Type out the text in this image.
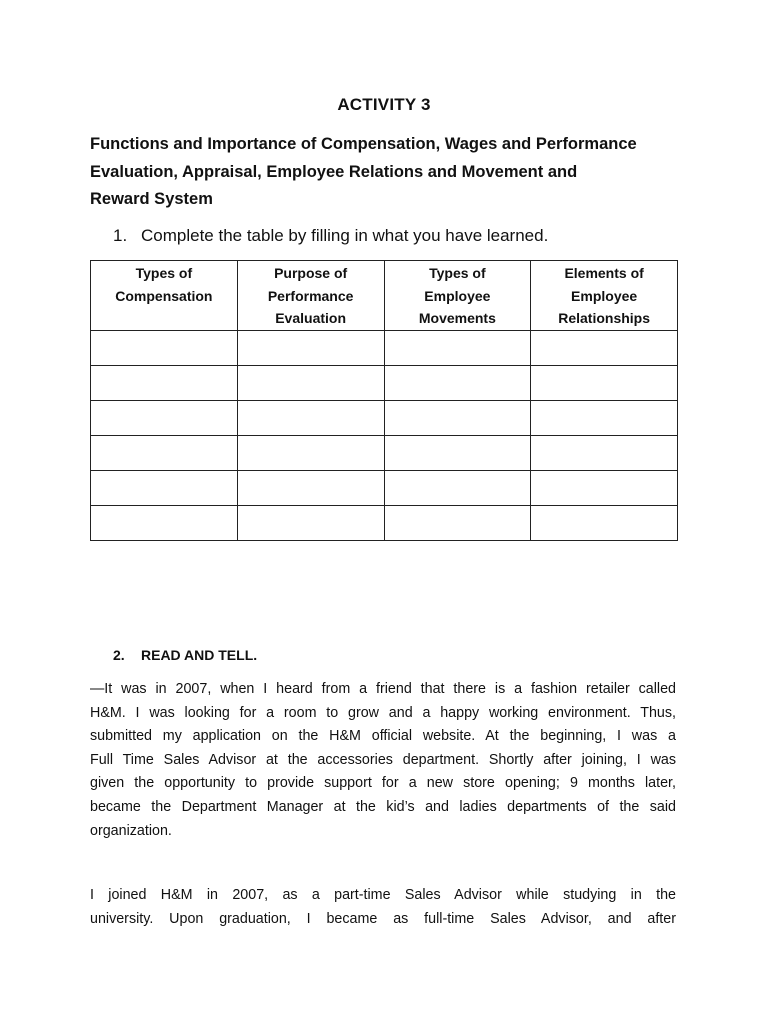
ACTIVITY 3
Functions and Importance of Compensation, Wages and Performance
Evaluation, Appraisal, Employee Relations and Movement and
Reward System
1. Complete the table by filling in what you have learned.
Types of
Compensation	Purpose of
Performance
Evaluation	Types of
Employee
Movements	Elements of
Employee
Relationships

2. READ AND TELL.
—It was in 2007, when I heard from a friend that there is a fashion retailer called
H&M. I was looking for a room to grow and a happy working environment. Thus,
submitted my application on the H&M official website. At the beginning, I was a
Full Time Sales Advisor at the accessories department. Shortly after joining, I was
given the opportunity to provide support for a new store opening; 9 months later,
became the Department Manager at the kid’s and ladies departments of the said
organization.
I joined H&M in 2007, as a part-time Sales Advisor while studying in the
university. Upon graduation, I became as full-time Sales Advisor, and after
